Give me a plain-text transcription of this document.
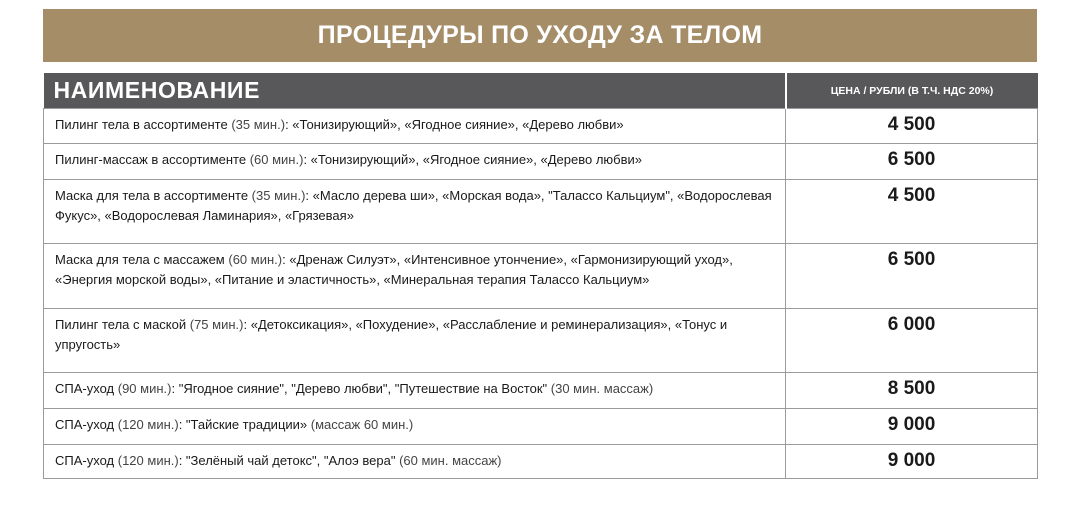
ПРОЦЕДУРЫ ПО УХОДУ ЗА ТЕЛОМ
НАИМЕНОВАНИЕ	ЦЕНА / РУБЛИ (В Т.Ч. НДС 20%)
Пилинг тела в ассортименте (35 мин.): «Тонизирующий», «Ягодное сияние», «Дерево любви»	4 500
Пилинг-массаж в ассортименте (60 мин.): «Тонизирующий», «Ягодное сияние», «Дерево любви»	6 500
Маска для тела в ассортименте (35 мин.): «Масло дерева ши», «Морская вода», "Талассо Кальциум", «Водорослевая Фукус», «Водорослевая Ламинария», «Грязевая»	4 500
Маска для тела с массажем (60 мин.): «Дренаж Силуэт», «Интенсивное утончение», «Гармонизирующий уход», «Энергия морской воды», «Питание и эластичность», «Минеральная терапия Талассо Кальциум»	6 500
Пилинг тела с маской (75 мин.): «Детоксикация», «Похудение», «Расслабление и реминерализация», «Тонус и упругость»	6 000
СПА-уход (90 мин.): "Ягодное сияние", "Дерево любви", "Путешествие на Восток" (30 мин. массаж)	8 500
СПА-уход (120 мин.): "Тайские традиции» (массаж 60 мин.)	9 000
СПА-уход (120 мин.): "Зелёный чай детокс", "Алоэ вера" (60 мин. массаж)	9 000
